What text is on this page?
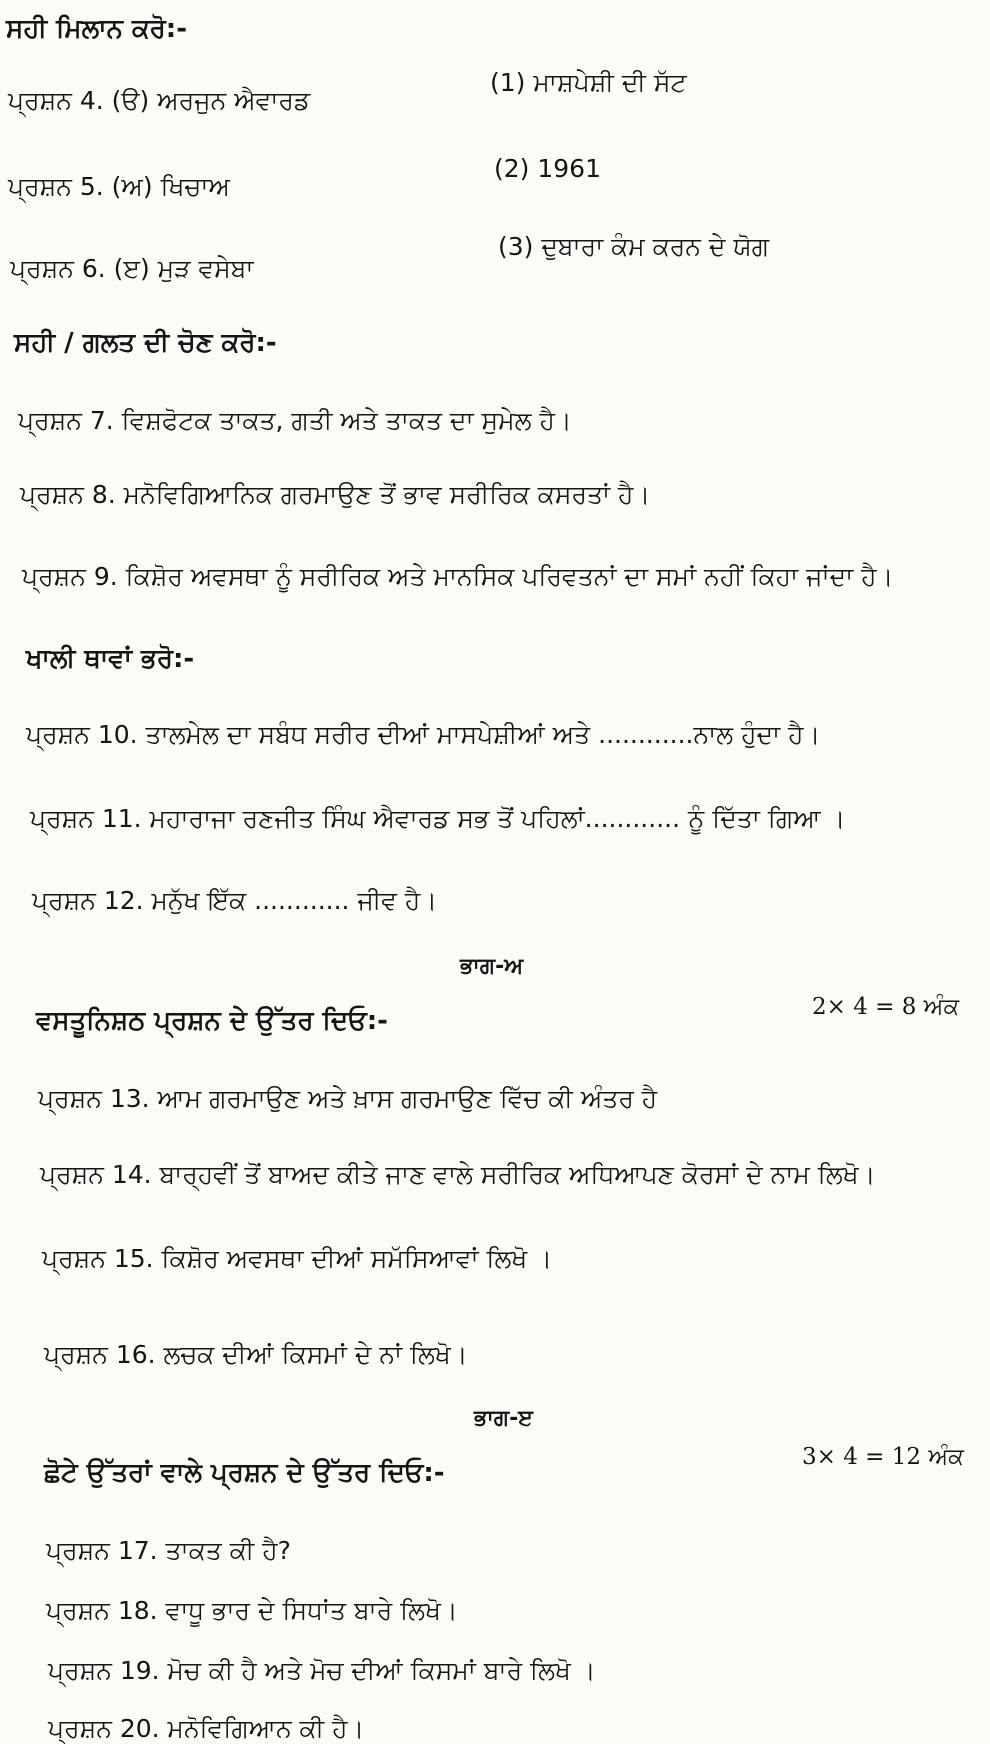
ਸਹੀ ਮਿਲਾਨ ਕਰੋ:-
ਪ੍ਰਸ਼ਨ 4. (ੳ) ਅਰਜੁਨ ਐਵਾਰਡ
(1) ਮਾਸ਼ਪੇਸ਼ੀ ਦੀ ਸੱਟ
ਪ੍ਰਸ਼ਨ 5. (ਅ) ਖਿਚਾਅ
(2) 1961
ਪ੍ਰਸ਼ਨ 6. (ੲ) ਮੁੜ ਵਸੇਬਾ
(3) ਦੁਬਾਰਾ ਕੰਮ ਕਰਨ ਦੇ ਯੋਗ
ਸਹੀ / ਗਲਤ ਦੀ ਚੋਣ ਕਰੋ:-
ਪ੍ਰਸ਼ਨ 7. ਵਿਸ਼ਫੋਟਕ ਤਾਕਤ, ਗਤੀ ਅਤੇ ਤਾਕਤ ਦਾ ਸੁਮੇਲ ਹੈ।
ਪ੍ਰਸ਼ਨ 8. ਮਨੋਵਿਗਿਆਨਿਕ ਗਰਮਾਉਣ ਤੋਂ ਭਾਵ ਸਰੀਰਿਕ ਕਸਰਤਾਂ ਹੈ।
ਪ੍ਰਸ਼ਨ 9. ਕਿਸ਼ੋਰ ਅਵਸਥਾ ਨੂੰ ਸਰੀਰਿਕ ਅਤੇ ਮਾਨਸਿਕ ਪਰਿਵਤਨਾਂ ਦਾ ਸਮਾਂ ਨਹੀਂ ਕਿਹਾ ਜਾਂਦਾ ਹੈ।
ਖਾਲੀ ਥਾਵਾਂ ਭਰੋ:-
ਪ੍ਰਸ਼ਨ 10. ਤਾਲਮੇਲ ਦਾ ਸਬੰਧ ਸਰੀਰ ਦੀਆਂ ਮਾਸਪੇਸ਼ੀਆਂ ਅਤੇ ............ਨਾਲ ਹੁੰਦਾ ਹੈ।
ਪ੍ਰਸ਼ਨ 11. ਮਹਾਰਾਜਾ ਰਣਜੀਤ ਸਿੰਘ ਐਵਾਰਡ ਸਭ ਤੋਂ ਪਹਿਲਾਂ............ ਨੂੰ ਦਿੱਤਾ ਗਿਆ ।
ਪ੍ਰਸ਼ਨ 12. ਮਨੁੱਖ ਇੱਕ ............ ਜੀਵ ਹੈ।
ਭਾਗ-ਅ
ਵਸਤੂਨਿਸ਼ਠ ਪ੍ਰਸ਼ਨ ਦੇ ਉੱਤਰ ਦਿਓ:-	2× 4 = 8 ਅੰਕ
ਪ੍ਰਸ਼ਨ 13. ਆਮ ਗਰਮਾਉਣ ਅਤੇ ਖ਼ਾਸ ਗਰਮਾਉਣ ਵਿੱਚ ਕੀ ਅੰਤਰ ਹੈ
ਪ੍ਰਸ਼ਨ 14. ਬਾਰ੍ਹਵੀਂ ਤੋਂ ਬਾਅਦ ਕੀਤੇ ਜਾਣ ਵਾਲੇ ਸਰੀਰਿਕ ਅਧਿਆਪਣ ਕੋਰਸਾਂ ਦੇ ਨਾਮ ਲਿਖੋ।
ਪ੍ਰਸ਼ਨ 15. ਕਿਸ਼ੋਰ ਅਵਸਥਾ ਦੀਆਂ ਸਮੱਸਿਆਵਾਂ ਲਿਖੋ ।
ਪ੍ਰਸ਼ਨ 16. ਲਚਕ ਦੀਆਂ ਕਿਸਮਾਂ ਦੇ ਨਾਂ ਲਿਖੋ।
ਭਾਗ-ੲ
ਛੋਟੇ ਉੱਤਰਾਂ ਵਾਲੇ ਪ੍ਰਸ਼ਨ ਦੇ ਉੱਤਰ ਦਿਓ:-
3× 4 = 12 ਅੰਕ
ਪ੍ਰਸ਼ਨ 17. ਤਾਕਤ ਕੀ ਹੈ?
ਪ੍ਰਸ਼ਨ 18. ਵਾਧੂ ਭਾਰ ਦੇ ਸਿਧਾਂਤ ਬਾਰੇ ਲਿਖੋ।
ਪ੍ਰਸ਼ਨ 19. ਮੋਚ ਕੀ ਹੈ ਅਤੇ ਮੋਚ ਦੀਆਂ ਕਿਸਮਾਂ ਬਾਰੇ ਲਿਖੋ ।
ਪ੍ਰਸ਼ਨ 20. ਮਨੋਵਿਗਿਆਨ ਕੀ ਹੈ।
